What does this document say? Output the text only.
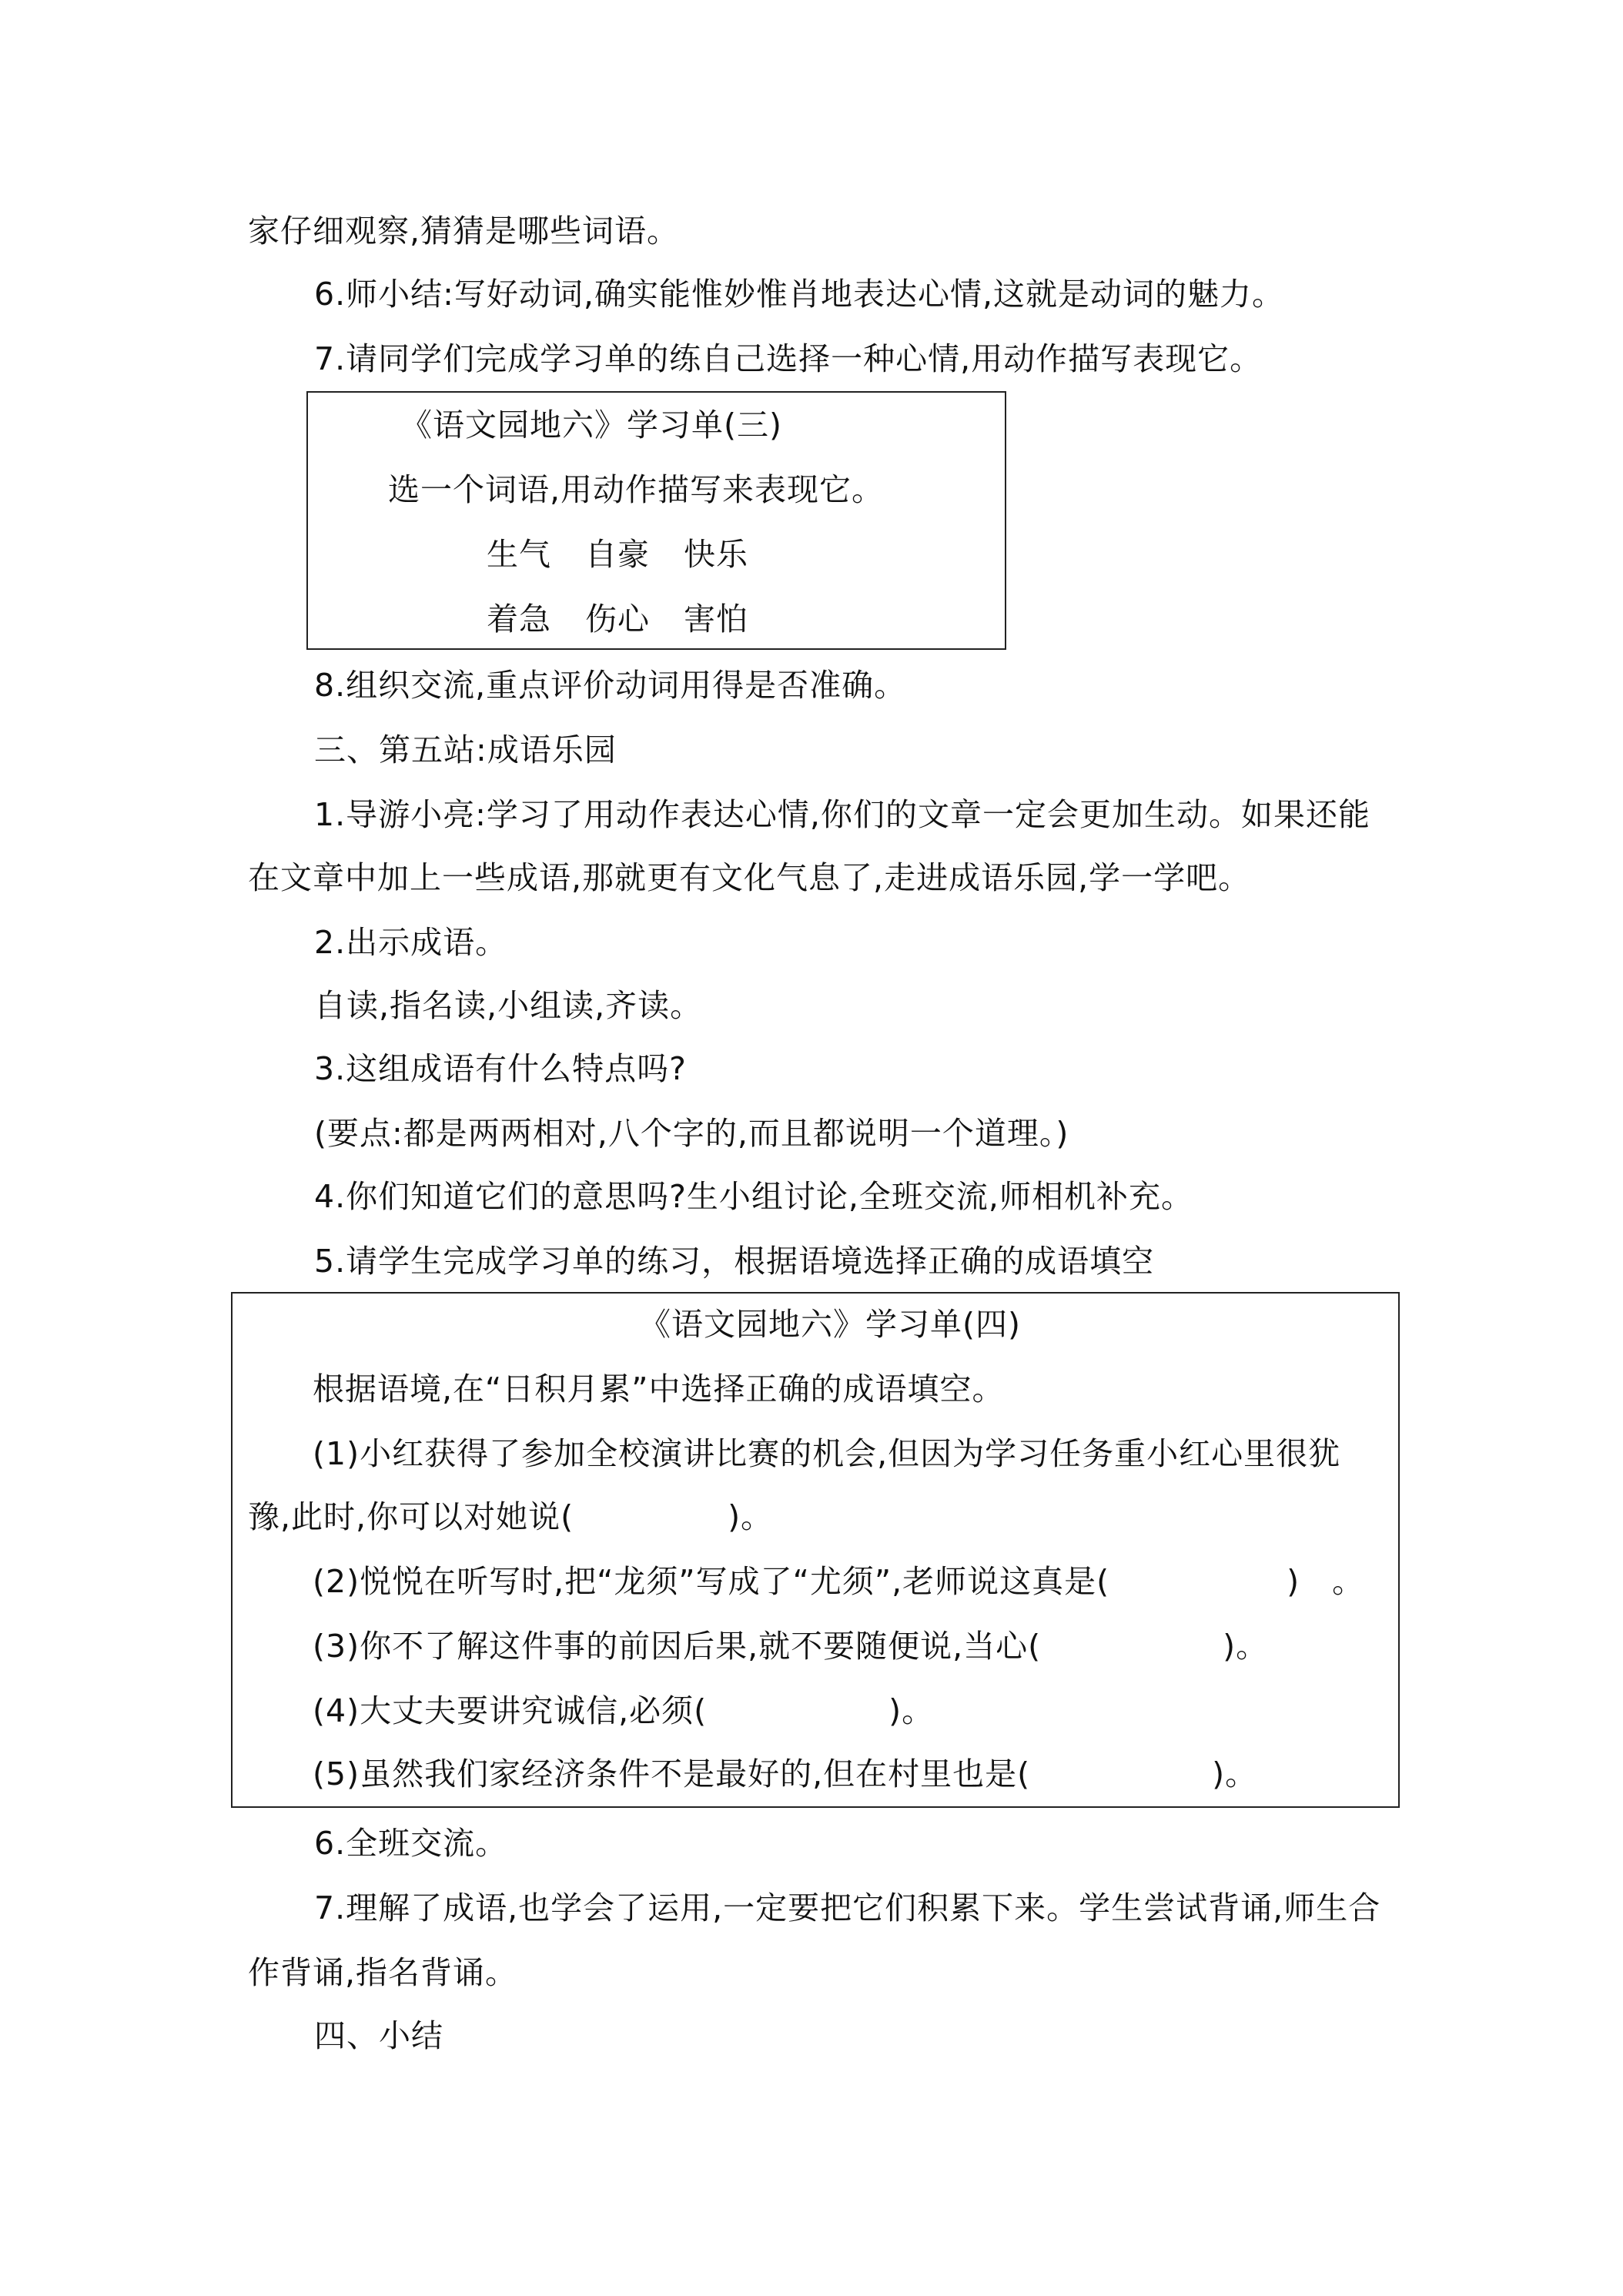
家仔细观察,猜猜是哪些词语。
6.师小结:写好动词,确实能惟妙惟肖地表达心情,这就是动词的魅力。
7.请同学们完成学习单的练自己选择一种心情,用动作描写表现它。
《语文园地六》学习单(三)
选一个词语,用动作描写来表现它。
生气 自豪 快乐
着急 伤心 害怕
8.组织交流,重点评价动词用得是否准确。
三、第五站:成语乐园
1.导游小亮:学习了用动作表达心情,你们的文章一定会更加生动。如果还能
在文章中加上一些成语,那就更有文化气息了,走进成语乐园,学一学吧。
2.出示成语。
自读,指名读,小组读,齐读。
3.这组成语有什么特点吗?
(要点:都是两两相对,八个字的,而且都说明一个道理。)
4.你们知道它们的意思吗?生小组讨论,全班交流,师相机补充。
5.请学生完成学习单的练习，根据语境选择正确的成语填空
《语文园地六》学习单(四)
根据语境,在“日积月累”中选择正确的成语填空。
(1)小红获得了参加全校演讲比赛的机会,但因为学习任务重小红心里很犹
豫,此时,你可以对她说(	)。
(2)悦悦在听写时,把“龙须”写成了“尤须”,老师说这真是(	)　。
(3)你不了解这件事的前因后果,就不要随便说,当心(	)。
(4)大丈夫要讲究诚信,必须(	)。
(5)虽然我们家经济条件不是最好的,但在村里也是(	)。
6.全班交流。
7.理解了成语,也学会了运用,一定要把它们积累下来。学生尝试背诵,师生合
作背诵,指名背诵。
四、小结
